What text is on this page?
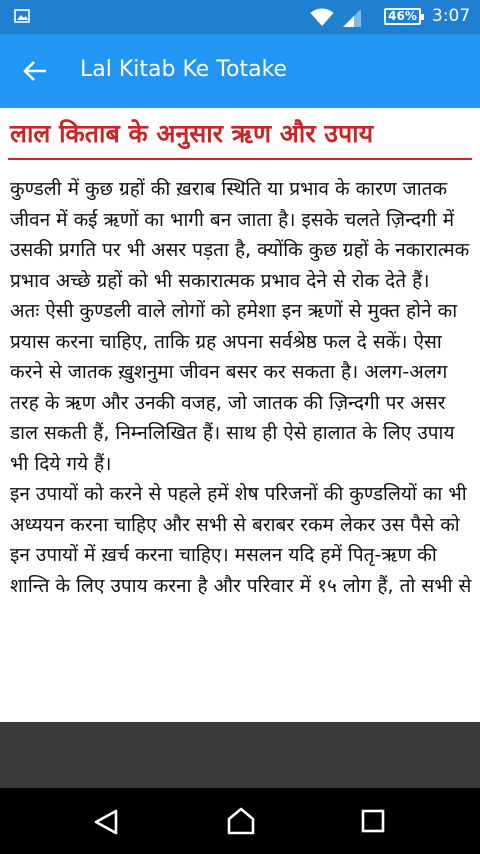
46% 3:07
Lal Kitab Ke Totake
लाल किताब के अनुसार ऋण और उपाय

कुण्डली में कुछ ग्रहों की ख़राब स्थिति या प्रभाव के कारण जातक जीवन में कई ऋणों का भागी बन जाता है। इसके चलते ज़िन्दगी में उसकी प्रगति पर भी असर पड़ता है, क्योंकि कुछ ग्रहों के नकारात्मक प्रभाव अच्छे ग्रहों को भी सकारात्मक प्रभाव देने से रोक देते हैं।

अतः ऐसी कुण्डली वाले लोगों को हमेशा इन ऋणों से मुक्त होने का प्रयास करना चाहिए, ताकि ग्रह अपना सर्वश्रेष्ठ फल दे सकें। ऐसा करने से जातक ख़ुशनुमा जीवन बसर कर सकता है। अलग-अलग तरह के ऋण और उनकी वजह, जो जातक की ज़िन्दगी पर असर डाल सकती हैं, निम्नलिखित हैं। साथ ही ऐसे हालात के लिए उपाय भी दिये गये हैं।

इन उपायों को करने से पहले हमें शेष परिजनों की कुण्डलियों का भी अध्ययन करना चाहिए और सभी से बराबर रकम लेकर उस पैसे को इन उपायों में ख़र्च करना चाहिए। मसलन यदि हमें पितृ-ऋण की शान्ति के लिए उपाय करना है और परिवार में १५ लोग हैं, तो सभी से
